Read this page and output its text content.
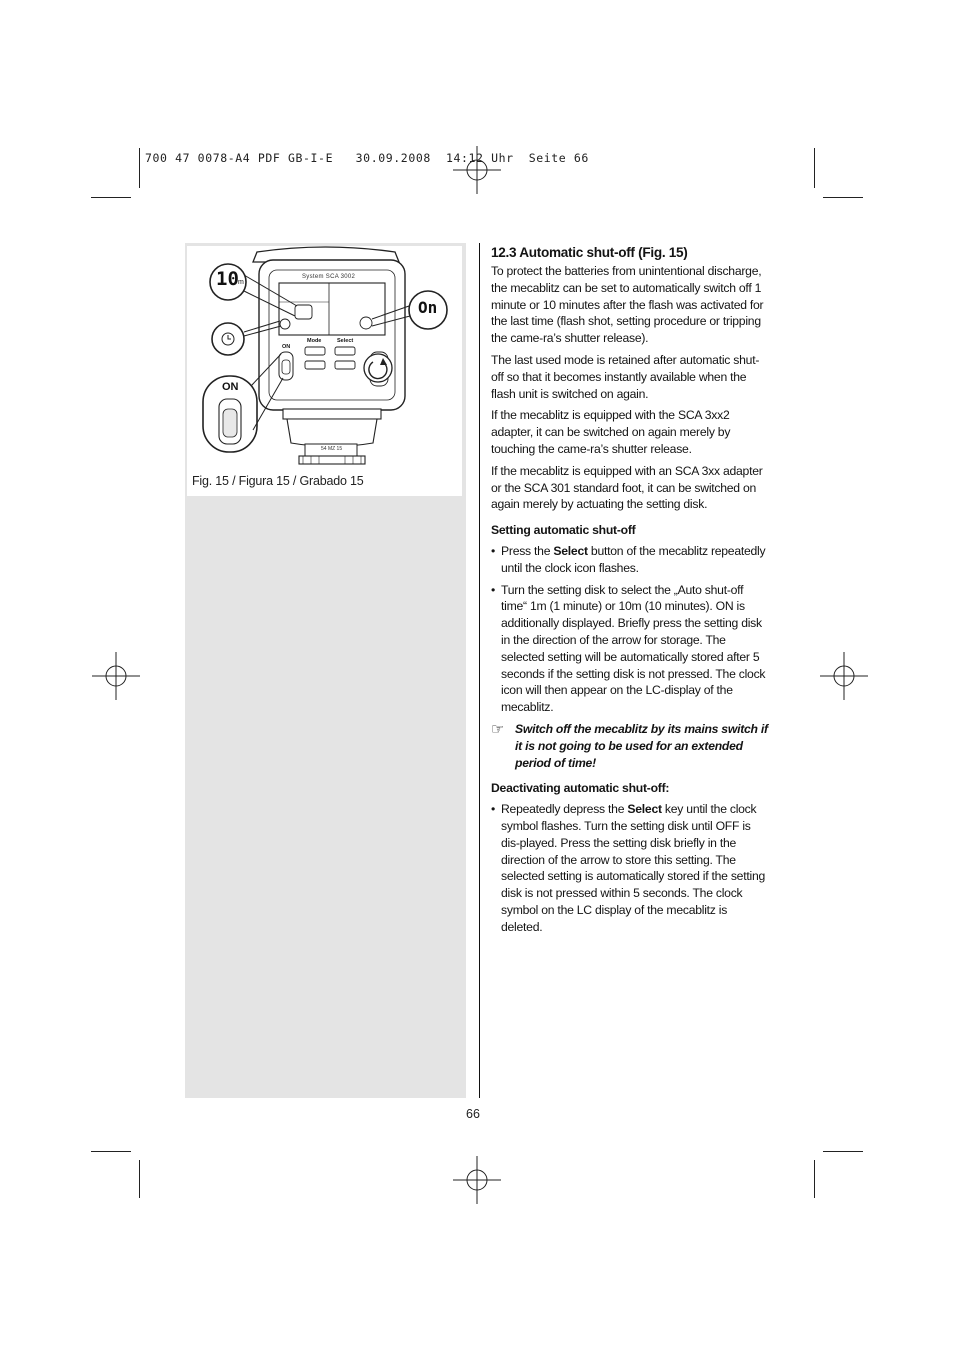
700 47 0078-A4 PDF GB-I-E   30.09.2008  14:12 Uhr  Seite 66
System SCA 3002
10 m
On
Mode	Select
ON
ON
54 MZ 15
Fig. 15 / Figura 15 / Grabado 15
12.3 Automatic shut-off (Fig. 15)

To protect the batteries from unintentional discharge, the mecablitz can be set to automatically switch off 1 minute or 10 minutes after the flash was activated for the last time (flash shot, setting procedure or tripping the came-ra’s shutter release).

The last used mode is retained after automatic shut-off so that it becomes instantly available when the flash unit is switched on again.

If the mecablitz is equipped with the SCA 3xx2 adapter, it can be switched on again merely by touching the came-ra’s shutter release.

If the mecablitz is equipped with an SCA 3xx adapter or the SCA 301 standard foot, it can be switched on again merely by actuating the setting disk.

Setting automatic shut-off
• Press the Select button of the mecablitz repeatedly until the clock icon flashes.
• Turn the setting disk to select the „Auto shut-off time“ 1m (1 minute) or 10m (10 minutes). ON is additionally displayed. Briefly press the setting disk in the direction of the arrow for storage. The selected setting will be automatically stored after 5 seconds if the setting disk is not pressed. The clock icon will then appear on the LC-display of the mecablitz.
☞ Switch off the mecablitz by its mains switch if it is not going to be used for an extended period of time!
Deactivating automatic shut-off:
• Repeatedly depress the Select key until the clock symbol flashes. Turn the setting disk until OFF is dis-played. Press the setting disk briefly in the direction of the arrow to store this setting. The selected setting is automatically stored if the setting disk is not pressed within 5 seconds. The clock symbol on the LC display of the mecablitz is deleted.
66
